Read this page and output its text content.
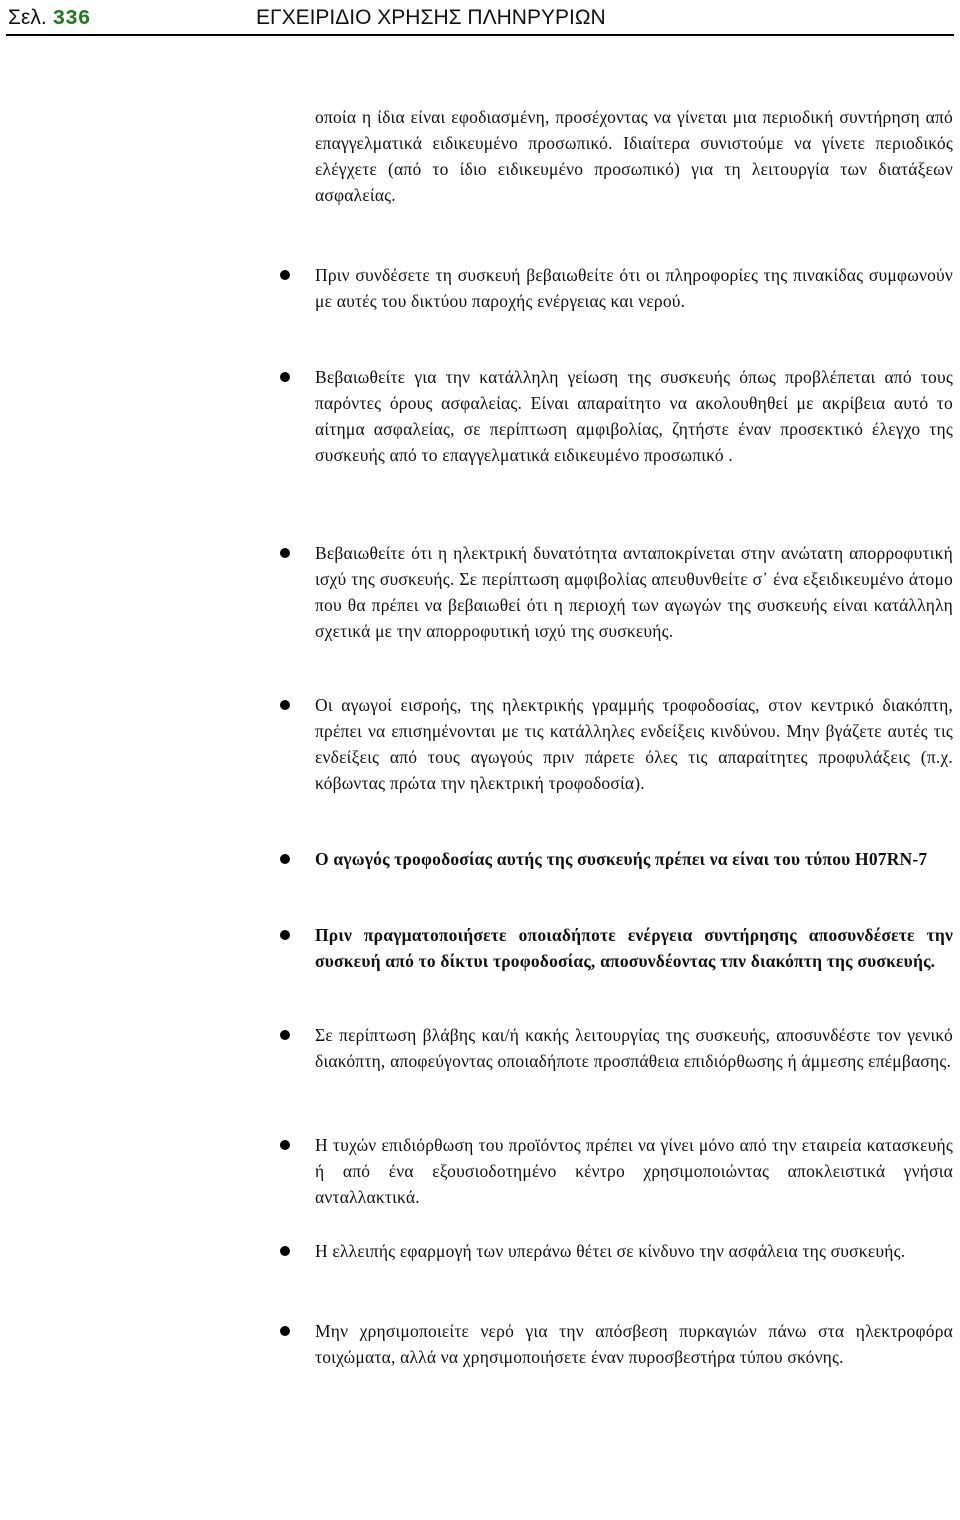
Σελ. 336	ΕΓΧΕΙΡΙΔΙΟ ΧΡΗΣΗΣ ΠΛΗΝΡΥΡΙΩΝ

οποία η ίδια είναι εφοδιασμένη, προσέχοντας να γίνεται μια περιοδική συντήρηση από επαγγελματικά ειδικευμένο προσωπικό. Ιδιαίτερα συνιστούμε να γίνετε περιοδικός ελέγχετε (από το ίδιο ειδικευμένο προσωπικό) για τη λειτουργία των διατάξεων ασφαλείας.

Πριν συνδέσετε τη συσκευή βεβαιωθείτε ότι οι πληροφορίες της πινακίδας συμφωνούν με αυτές του δικτύου παροχής ενέργειας και νερού.

Βεβαιωθείτε για την κατάλληλη γείωση της συσκευής όπως προβλέπεται από τους παρόντες όρους ασφαλείας. Είναι απαραίτητο να ακολουθηθεί με ακρίβεια αυτό το αίτημα ασφαλείας, σε περίπτωση αμφιβολίας, ζητήστε έναν προσεκτικό έλεγχο της συσκευής από το επαγγελματικά ειδικευμένο προσωπικό .

Βεβαιωθείτε ότι η ηλεκτρική δυνατότητα ανταποκρίνεται στην ανώτατη απορροφυτική ισχύ της συσκευής. Σε περίπτωση αμφιβολίας απευθυνθείτε σ᾽ ένα εξειδικευμένο άτομο που θα πρέπει να βεβαιωθεί ότι η περιοχή των αγωγών της συσκευής είναι κατάλληλη σχετικά με την απορροφυτική ισχύ της συσκευής.

Οι αγωγοί εισροής, της ηλεκτρικής γραμμής τροφοδοσίας, στον κεντρικό διακόπτη, πρέπει να επισημένονται με τις κατάλληλες ενδείξεις κινδύνου. Μην βγάζετε αυτές τις ενδείξεις από τους αγωγούς πριν πάρετε όλες τις απαραίτητες προφυλάξεις (π.χ. κόβωντας πρώτα την ηλεκτρική τροφοδοσία).

Ο αγωγός τροφοδοσίας αυτής της συσκευής πρέπει να είναι του τύπου H07RN-7

Πριν πραγματοποιήσετε οποιαδήποτε ενέργεια συντήρησης αποσυνδέσετε την συσκευή από το δίκτυι τροφοδοσίας, αποσυνδέοντας τπν διακόπτη της συσκευής.

Σε περίπτωση βλάβης και/ή κακής λειτουργίας της συσκευής, αποσυνδέστε τον γενικό διακόπτη, αποφεύγοντας οποιαδήποτε προσπάθεια επιδιόρθωσης ή άμμεσης επέμβασης.

Η τυχών επιδιόρθωση του προϊόντος πρέπει να γίνει μόνο από την εταιρεία κατασκευής ή από ένα εξουσιοδοτημένο κέντρο χρησιμοποιώντας αποκλειστικά γνήσια ανταλλακτικά.

Η ελλειπής εφαρμογή των υπεράνω θέτει σε κίνδυνο την ασφάλεια της συσκευής.

Μην χρησιμοποιείτε νερό για την απόσβεση πυρκαγιών πάνω στα ηλεκτροφόρα τοιχώματα, αλλά να χρησιμοποιήσετε έναν πυροσβεστήρα τύπου σκόνης.
